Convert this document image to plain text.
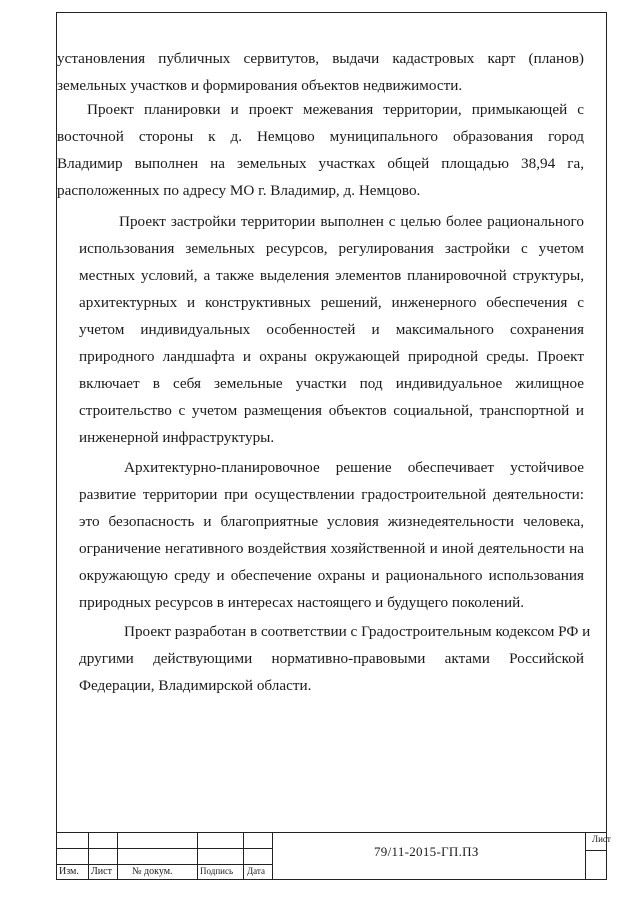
установления публичных сервитутов, выдачи кадастровых карт (планов)
земельных участков и формирования объектов недвижимости.
Проект планировки и проект межевания территории, примыкающей с
восточной стороны к д. Немцово муниципального образования город
Владимир выполнен на земельных участках общей площадью 38,94 га,
расположенных по адресу МО г. Владимир, д. Немцово.
Проект застройки территории выполнен с целью более рационального
использования земельных ресурсов, регулирования застройки с учетом
местных условий, а также выделения элементов планировочной структуры,
архитектурных и конструктивных решений, инженерного обеспечения с
учетом индивидуальных особенностей и максимального сохранения
природного ландшафта и охраны окружающей природной среды. Проект
включает в себя земельные участки под индивидуальное жилищное
строительство с учетом размещения объектов социальной, транспортной и
инженерной инфраструктуры.
Архитектурно-планировочное решение обеспечивает устойчивое
развитие территории при осуществлении градостроительной деятельности:
это безопасность и благоприятные условия жизнедеятельности человека,
ограничение негативного воздействия хозяйственной и иной деятельности на
окружающую среду и обеспечение охраны и рационального использования
природных ресурсов в интересах настоящего и будущего поколений.
Проект разработан в соответствии с Градостроительным кодексом РФ и
другими действующими нормативно-правовыми актами Российской
Федерации, Владимирской области.
Изм. Лист № докум.	Подпись Дата
79/11-2015-ГП.ПЗ
Лист
